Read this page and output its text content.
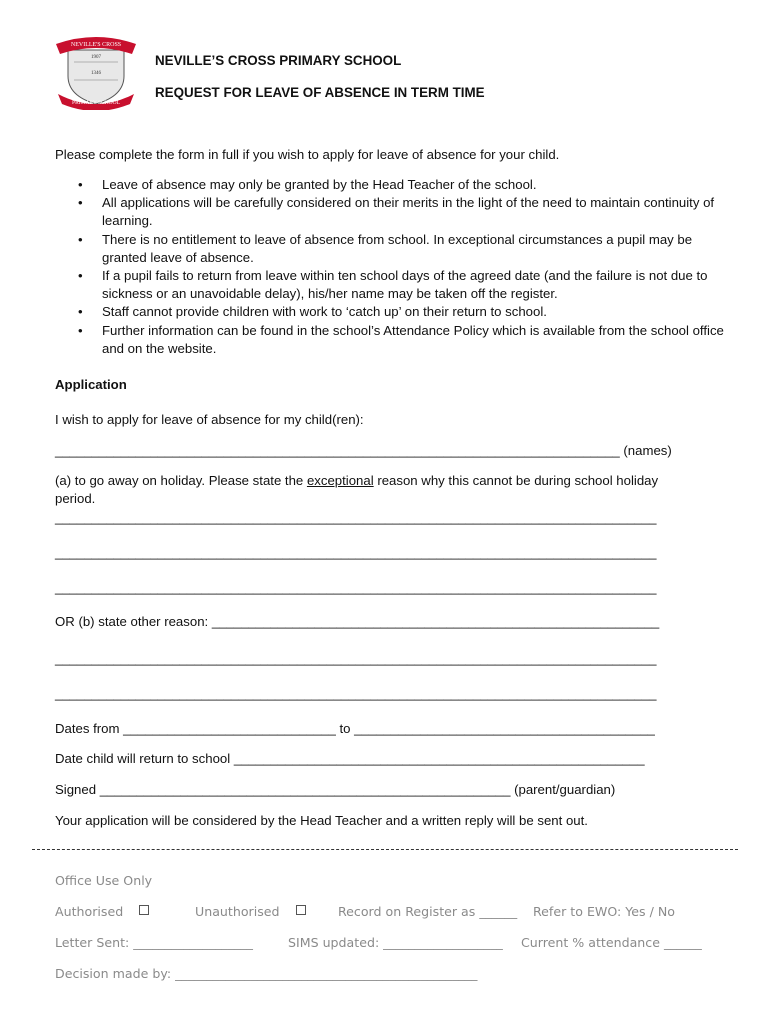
NEVILLE'S CROSS
1907
1346
PRIMARY SCHOOL
NEVILLE’S CROSS PRIMARY SCHOOL
REQUEST FOR LEAVE OF ABSENCE IN TERM TIME
Please complete the form in full if you wish to apply for leave of absence for your child.
• Leave of absence may only be granted by the Head Teacher of the school.
• All applications will be carefully considered on their merits in the light of the need to maintain continuity of learning.
• There is no entitlement to leave of absence from school. In exceptional circumstances a pupil may be granted leave of absence.
• If a pupil fails to return from leave within ten school days of the agreed date (and the failure is not due to sickness or an unavoidable delay), his/her name may be taken off the register.
• Staff cannot provide children with work to ‘catch up’ on their return to school.
• Further information can be found in the school’s Attendance Policy which is available from the school office and on the website.
Application
I wish to apply for leave of absence for my child(ren):
_____________________________________________________________________________ (names)
(a) to go away on holiday. Please state the exceptional reason why this cannot be during school holiday
period.
__________________________________________________________________________________
__________________________________________________________________________________
__________________________________________________________________________________
OR (b) state other reason: _____________________________________________________________
__________________________________________________________________________________
__________________________________________________________________________________
Dates from _____________________________ to _________________________________________
Date child will return to school ________________________________________________________
Signed ________________________________________________________ (parent/guardian)
Your application will be considered by the Head Teacher and a written reply will be sent out.
Office Use Only
Authorised	Unauthorised	Record on Register as ______ Refer to EWO: Yes / No
Letter Sent: ___________________	SIMS updated: ___________________ Current % attendance ______
Decision made by: ________________________________________________
